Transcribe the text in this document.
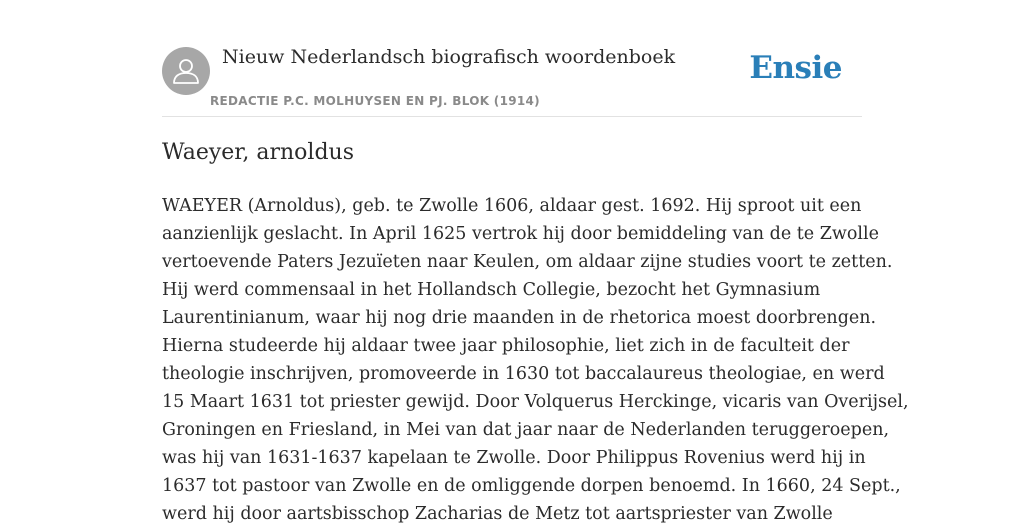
Nieuw Nederlandsch biografisch woordenboek
REDACTIE P.C. MOLHUYSEN EN PJ. BLOK (1914)
Ensie
Waeyer, arnoldus
WAEYER (Arnoldus), geb. te Zwolle 1606, aldaar gest. 1692. Hij sproot uit een
aanzienlijk geslacht. In April 1625 vertrok hij door bemiddeling van de te Zwolle
vertoevende Paters Jezuïeten naar Keulen, om aldaar zijne studies voort te zetten.
Hij werd commensaal in het Hollandsch Collegie, bezocht het Gymnasium
Laurentinianum, waar hij nog drie maanden in de rhetorica moest doorbrengen.
Hierna studeerde hij aldaar twee jaar philosophie, liet zich in de faculteit der
theologie inschrijven, promoveerde in 1630 tot baccalaureus theologiae, en werd
15 Maart 1631 tot priester gewijd. Door Volquerus Herckinge, vicaris van Overijsel,
Groningen en Friesland, in Mei van dat jaar naar de Nederlanden teruggeroepen,
was hij van 1631-1637 kapelaan te Zwolle. Door Philippus Rovenius werd hij in
1637 tot pastoor van Zwolle en de omliggende dorpen benoemd. In 1660, 24 Sept.,
werd hij door aartsbisschop Zacharias de Metz tot aartspriester van Zwolle
